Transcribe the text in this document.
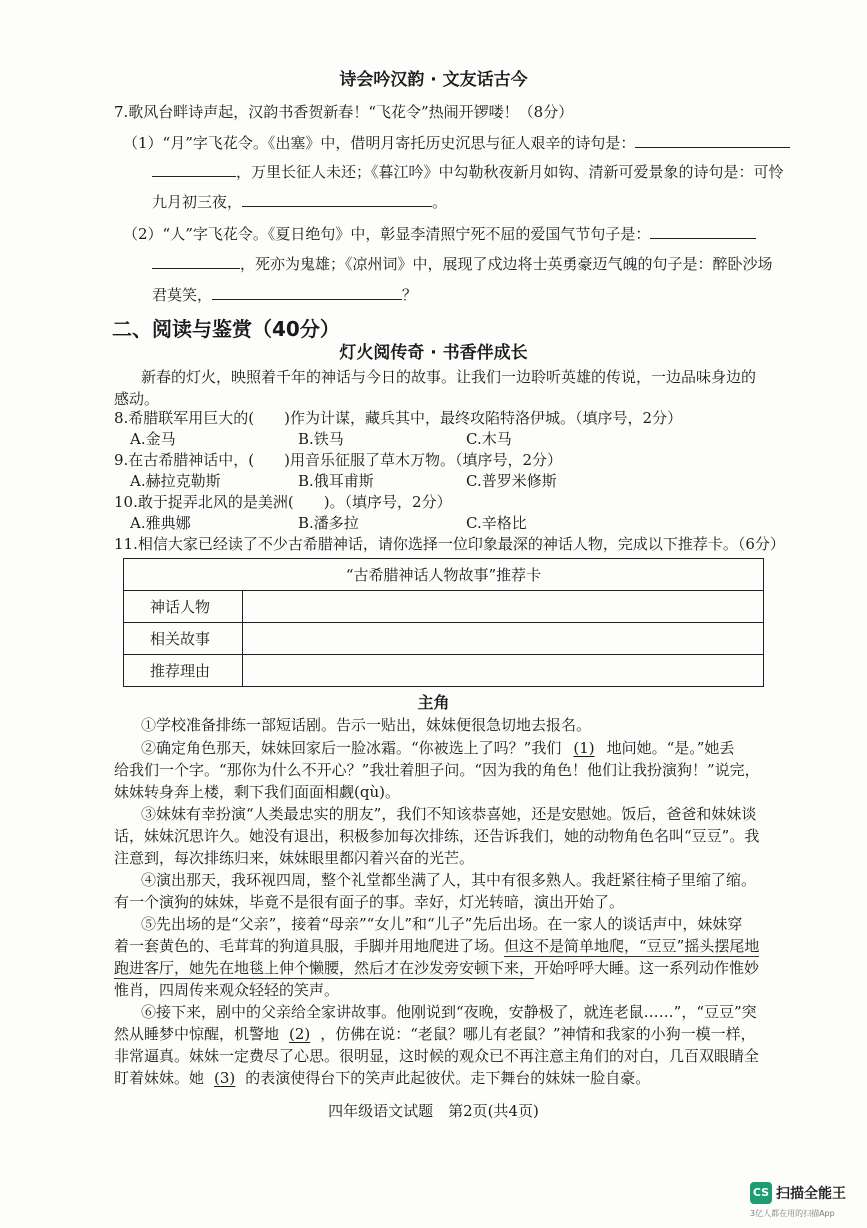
诗会吟汉韵 · 文友话古今
7.歌风台畔诗声起，汉韵书香贺新春！“飞花令”热闹开锣喽！（8分）
（1）“月”字飞花令。《出塞》中，借明月寄托历史沉思与征人艰辛的诗句是：
，万里长征人未还；《暮江吟》中勾勒秋夜新月如钩、清新可爱景象的诗句是：可怜
九月初三夜，	。
（2）“人”字飞花令。《夏日绝句》中，彰显李清照宁死不屈的爱国气节句子是：
，死亦为鬼雄；《凉州词》中，展现了戍边将士英勇豪迈气魄的句子是：醉卧沙场
君莫笑，	？
二、阅读与鉴赏（40分）
灯火阅传奇 · 书香伴成长
新春的灯火，映照着千年的神话与今日的故事。让我们一边聆听英雄的传说，一边品味身边的
感动。
8.希腊联军用巨大的(　　)作为计谋，藏兵其中，最终攻陷特洛伊城。（填序号，2分）
A.金马	B.铁马	C.木马
9.在古希腊神话中，(　　)用音乐征服了草木万物。（填序号，2分）
A.赫拉克勒斯	B.俄耳甫斯	C.普罗米修斯
10.敢于捉弄北风的是美洲(　　)。（填序号，2分）
A.雅典娜	B.潘多拉	C.辛格比
11.相信大家已经读了不少古希腊神话，请你选择一位印象最深的神话人物，完成以下推荐卡。（6分）
“古希腊神话人物故事”推荐卡	
神话人物	
相关故事	
推荐理由	
主角
①学校准备排练一部短话剧。告示一贴出，妹妹便很急切地去报名。
②确定角色那天，妹妹回家后一脸冰霜。“你被选上了吗？”我们 (1) 地问她。“是。”她丢
给我们一个字。“那你为什么不开心？”我壮着胆子问。“因为我的角色！他们让我扮演狗！”说完，
妹妹转身奔上楼，剩下我们面面相觑(qù)。
③妹妹有幸扮演“人类最忠实的朋友”，我们不知该恭喜她，还是安慰她。饭后，爸爸和妹妹谈
话，妹妹沉思许久。她没有退出，积极参加每次排练，还告诉我们，她的动物角色名叫“豆豆”。我
注意到，每次排练归来，妹妹眼里都闪着兴奋的光芒。
④演出那天，我环视四周，整个礼堂都坐满了人，其中有很多熟人。我赶紧往椅子里缩了缩。
有一个演狗的妹妹，毕竟不是很有面子的事。幸好，灯光转暗，演出开始了。
⑤先出场的是“父亲”，接着“母亲”“女儿”和“儿子”先后出场。在一家人的谈话声中，妹妹穿
着一套黄色的、毛茸茸的狗道具服，手脚并用地爬进了场。但这不是简单地爬，“豆豆”摇头摆尾地
跑进客厅，她先在地毯上伸个懒腰，然后才在沙发旁安顿下来，开始呼呼大睡。这一系列动作惟妙
惟肖，四周传来观众轻轻的笑声。
⑥接下来，剧中的父亲给全家讲故事。他刚说到“夜晚，安静极了，就连老鼠……”，“豆豆”突
然从睡梦中惊醒，机警地 (2) ，仿佛在说：“老鼠？哪儿有老鼠？”神情和我家的小狗一模一样，
非常逼真。妹妹一定费尽了心思。很明显，这时候的观众已不再注意主角们的对白，几百双眼睛全
盯着妹妹。她 (3) 的表演使得台下的笑声此起彼伏。走下舞台的妹妹一脸自豪。
四年级语文试题　第2页(共4页)
CS 扫描全能王
3亿人都在用的扫描App
